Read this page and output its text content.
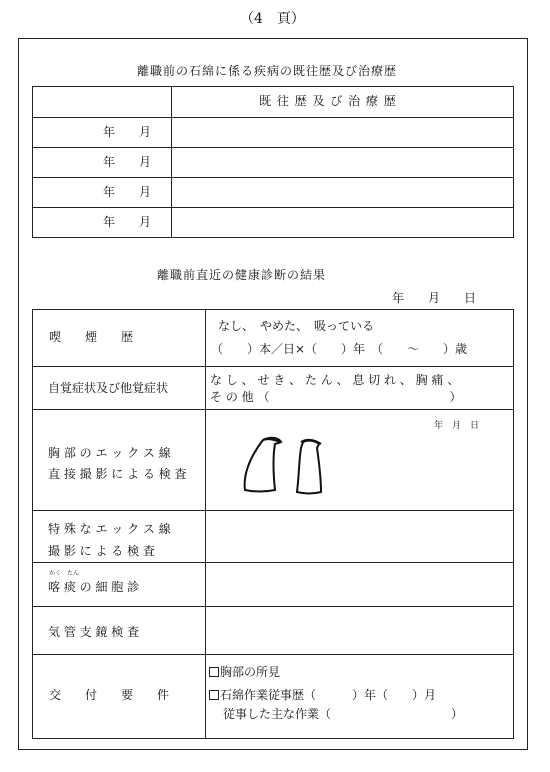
（4　頁）
離職前の石綿に係る疾病の既往歴及び治療歴
既 往 歴 及 び 治 療 歴
年　　月
年　　月
年　　月
年　　月
離職前直近の健康診断の結果
年　　月　　日
喫　　煙　　歴
なし、　やめた、　吸っている
（　　）本／日×（　　）年　（　　～　　）歳
自覚症状及び他覚症状
な し 、 せ き 、 た ん 、 息 切 れ 、 胸 痛 、
そ の 他 （　　　　　　　　　　　　　　　）
胸 部 の エ ッ ク ス 線
直 接 撮 影 に よ る 検 査
年　月　日
特 殊 な エ ッ ク ス 線
撮 影 に よ る 検 査
かく たん
喀 痰 の 細 胞 診
気 管 支 鏡 検 査
交　　付　　要　　件
胸部の所見
石綿作業従事歴（　　　）年（　　）月
従事した主な作業（　　　　　　　　　　）
